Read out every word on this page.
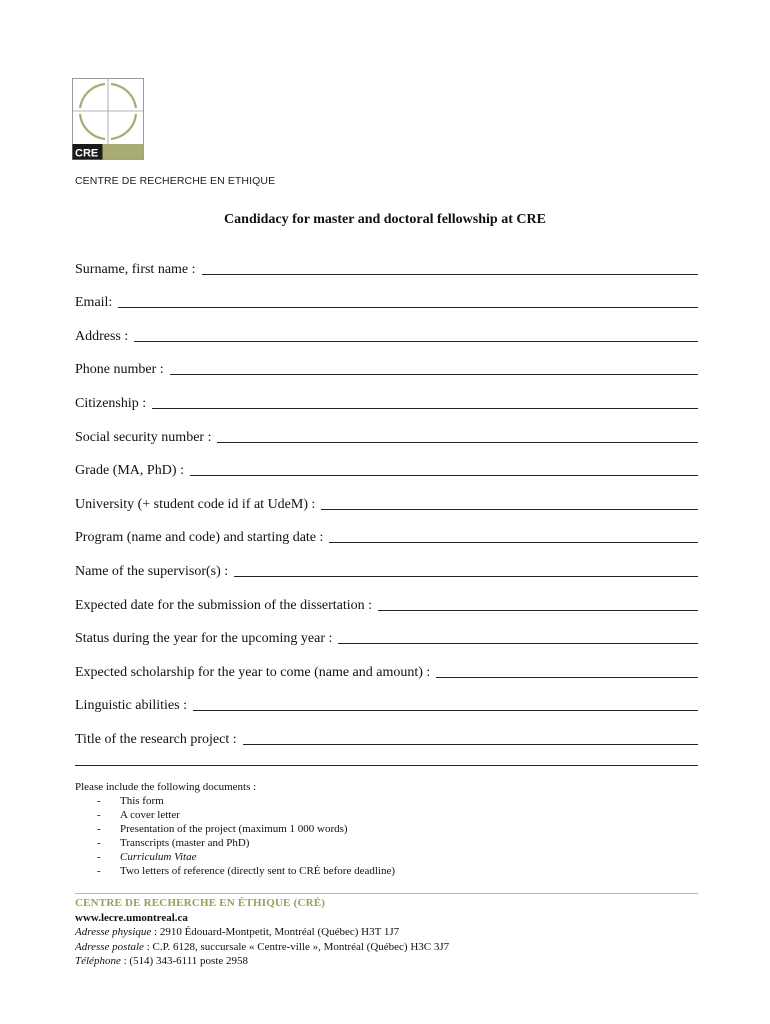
CRE
CENTRE DE RECHERCHE EN ETHIQUE
Candidacy for master and doctoral fellowship at CRE
Surname, first name :
Email:
Address :
Phone number :
Citizenship :
Social security number :
Grade (MA, PhD) :
University (+ student code id if at UdeM) :
Program (name and code) and starting date :
Name of the supervisor(s) :
Expected date for the submission of the dissertation :
Status during the year for the upcoming year :
Expected scholarship for the year to come (name and amount) :
Linguistic abilities :
Title of the research project :
Please include the following documents :
- This form
- A cover letter
- Presentation of the project (maximum 1 000 words)
- Transcripts (master and PhD)
- Curriculum Vitae
- Two letters of reference (directly sent to CRÉ before deadline)
CENTRE DE RECHERCHE EN ÉTHIQUE (CRÉ)
www.lecre.umontreal.ca
Adresse physique : 2910 Édouard-Montpetit, Montréal (Québec) H3T 1J7
Adresse postale : C.P. 6128, succursale « Centre-ville », Montréal (Québec) H3C 3J7
Téléphone : (514) 343-6111 poste 2958
